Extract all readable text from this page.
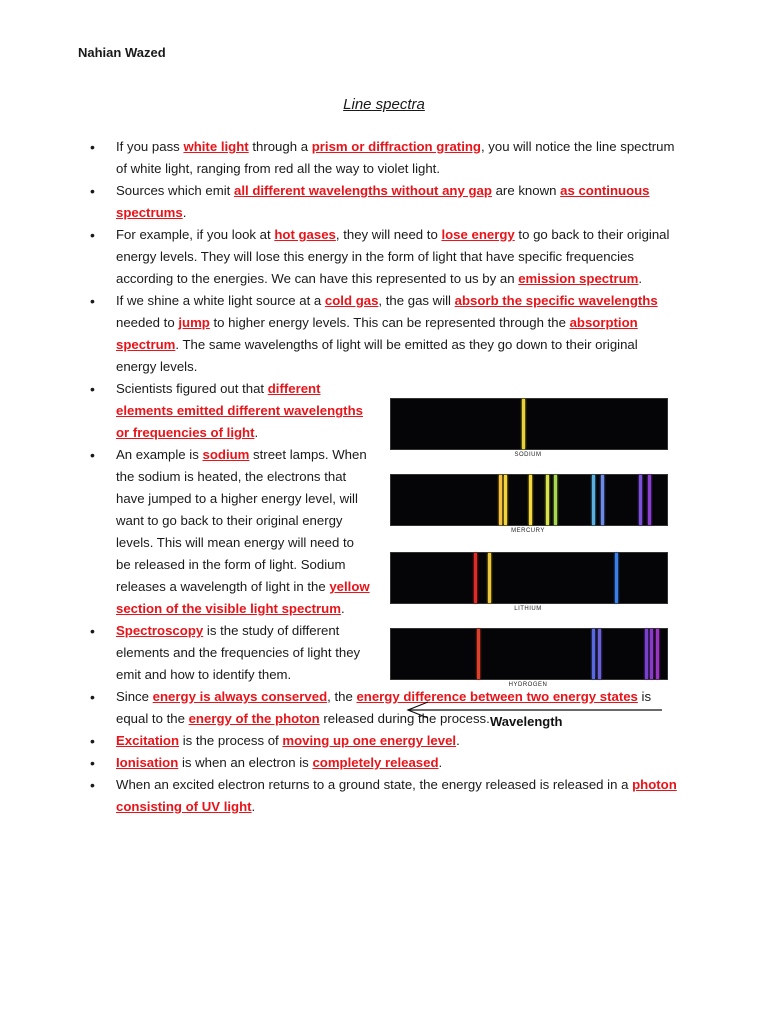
Nahian Wazed
Line spectra
• If you pass white light through a prism or diffraction grating, you will notice the line spectrum of white light, ranging from red all the way to violet light.
• Sources which emit all different wavelengths without any gap are known as continuous spectrums.
• For example, if you look at hot gases, they will need to lose energy to go back to their original energy levels. They will lose this energy in the form of light that have specific frequencies according to the energies. We can have this represented to us by an emission spectrum.
• If we shine a white light source at a cold gas, the gas will absorb the specific wavelengths needed to jump to higher energy levels. This can be represented through the absorption spectrum. The same wavelengths of light will be emitted as they go down to their original energy levels.
• Scientists figured out that different elements emitted different wavelengths or frequencies of light.
• An example is sodium street lamps. When the sodium is heated, the electrons that have jumped to a higher energy level, will want to go back to their original energy levels. This will mean energy will need to be released in the form of light. Sodium releases a wavelength of light in the yellow section of the visible light spectrum.
• Spectroscopy is the study of different elements and the frequencies of light they emit and how to identify them.
• Since energy is always conserved, the energy difference between two energy states is equal to the energy of the photon released during the process.
• Excitation is the process of moving up one energy level.
• Ionisation is when an electron is completely released.
• When an excited electron returns to a ground state, the energy released is released in a photon consisting of UV light.
Wavelength
SODIUM
MERCURY
LITHIUM
HYDROGEN
